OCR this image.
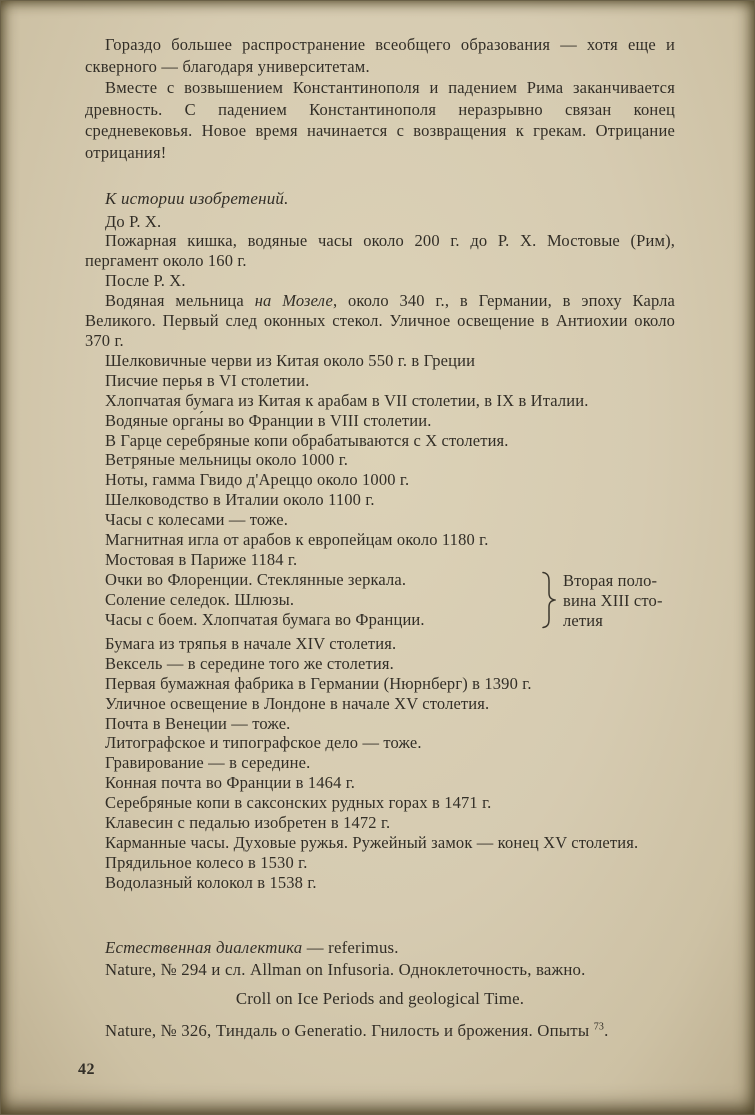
Гораздо большее распространение всеобщего образования — хотя еще и скверного — благодаря университетам.

Вместе с возвышением Константинополя и падением Рима заканчивается древность. С падением Константинополя неразрывно связан конец средневековья. Новое время начинается с возвращения к грекам. Отрицание отрицания!

К истории изобретений.

До Р. Х.

Пожарная кишка, водяные часы около 200 г. до Р. Х. Мостовые (Рим), пергамент около 160 г.

После Р. Х.

Водяная мельница на Мозеле, около 340 г., в Германии, в эпоху Карла Великого. Первый след оконных стекол. Уличное освещение в Антиохии около 370 г.

Шелковичные черви из Китая около 550 г. в Греции

Писчие перья в VI столетии.

Хлопчатая бумага из Китая к арабам в VII столетии, в IX в Италии.

Водяные орга́ны во Франции в VIII столетии.

В Гарце серебряные копи обрабатываются с X столетия.

Ветряные мельницы около 1000 г.

Ноты, гамма Гвидо д'Ареццо около 1000 г.

Шелководство в Италии около 1100 г.

Часы с колесами — тоже.

Магнитная игла от арабов к европейцам около 1180 г.

Мостовая в Париже 1184 г.

Очки во Флоренции. Стеклянные зеркала.

Соление селедок. Шлюзы.

Часы с боем. Хлопчатая бумага во Франции.

Вторая поло-
вина XIII сто-
летия

Бумага из тряпья в начале XIV столетия.

Вексель — в середине того же столетия.

Первая бумажная фабрика в Германии (Нюрнберг) в 1390 г.

Уличное освещение в Лондоне в начале XV столетия.

Почта в Венеции — тоже.

Литографское и типографское дело — тоже.

Гравирование — в середине.

Конная почта во Франции в 1464 г.

Серебряные копи в саксонских рудных горах в 1471 г.

Клавесин с педалью изобретен в 1472 г.

Карманные часы. Духовые ружья. Ружейный замок — конец XV столетия.

Прядильное колесо в 1530 г.

Водолазный колокол в 1538 г.

Естественная диалектика — referimus.

Nature, № 294 и сл. Allman on Infusoria. Одноклеточность, важно.

Croll on Ice Periods and geological Time.

Nature, № 326, Тиндаль о Generatio. Гнилость и брожения. Опыты $^{73}$.

42
